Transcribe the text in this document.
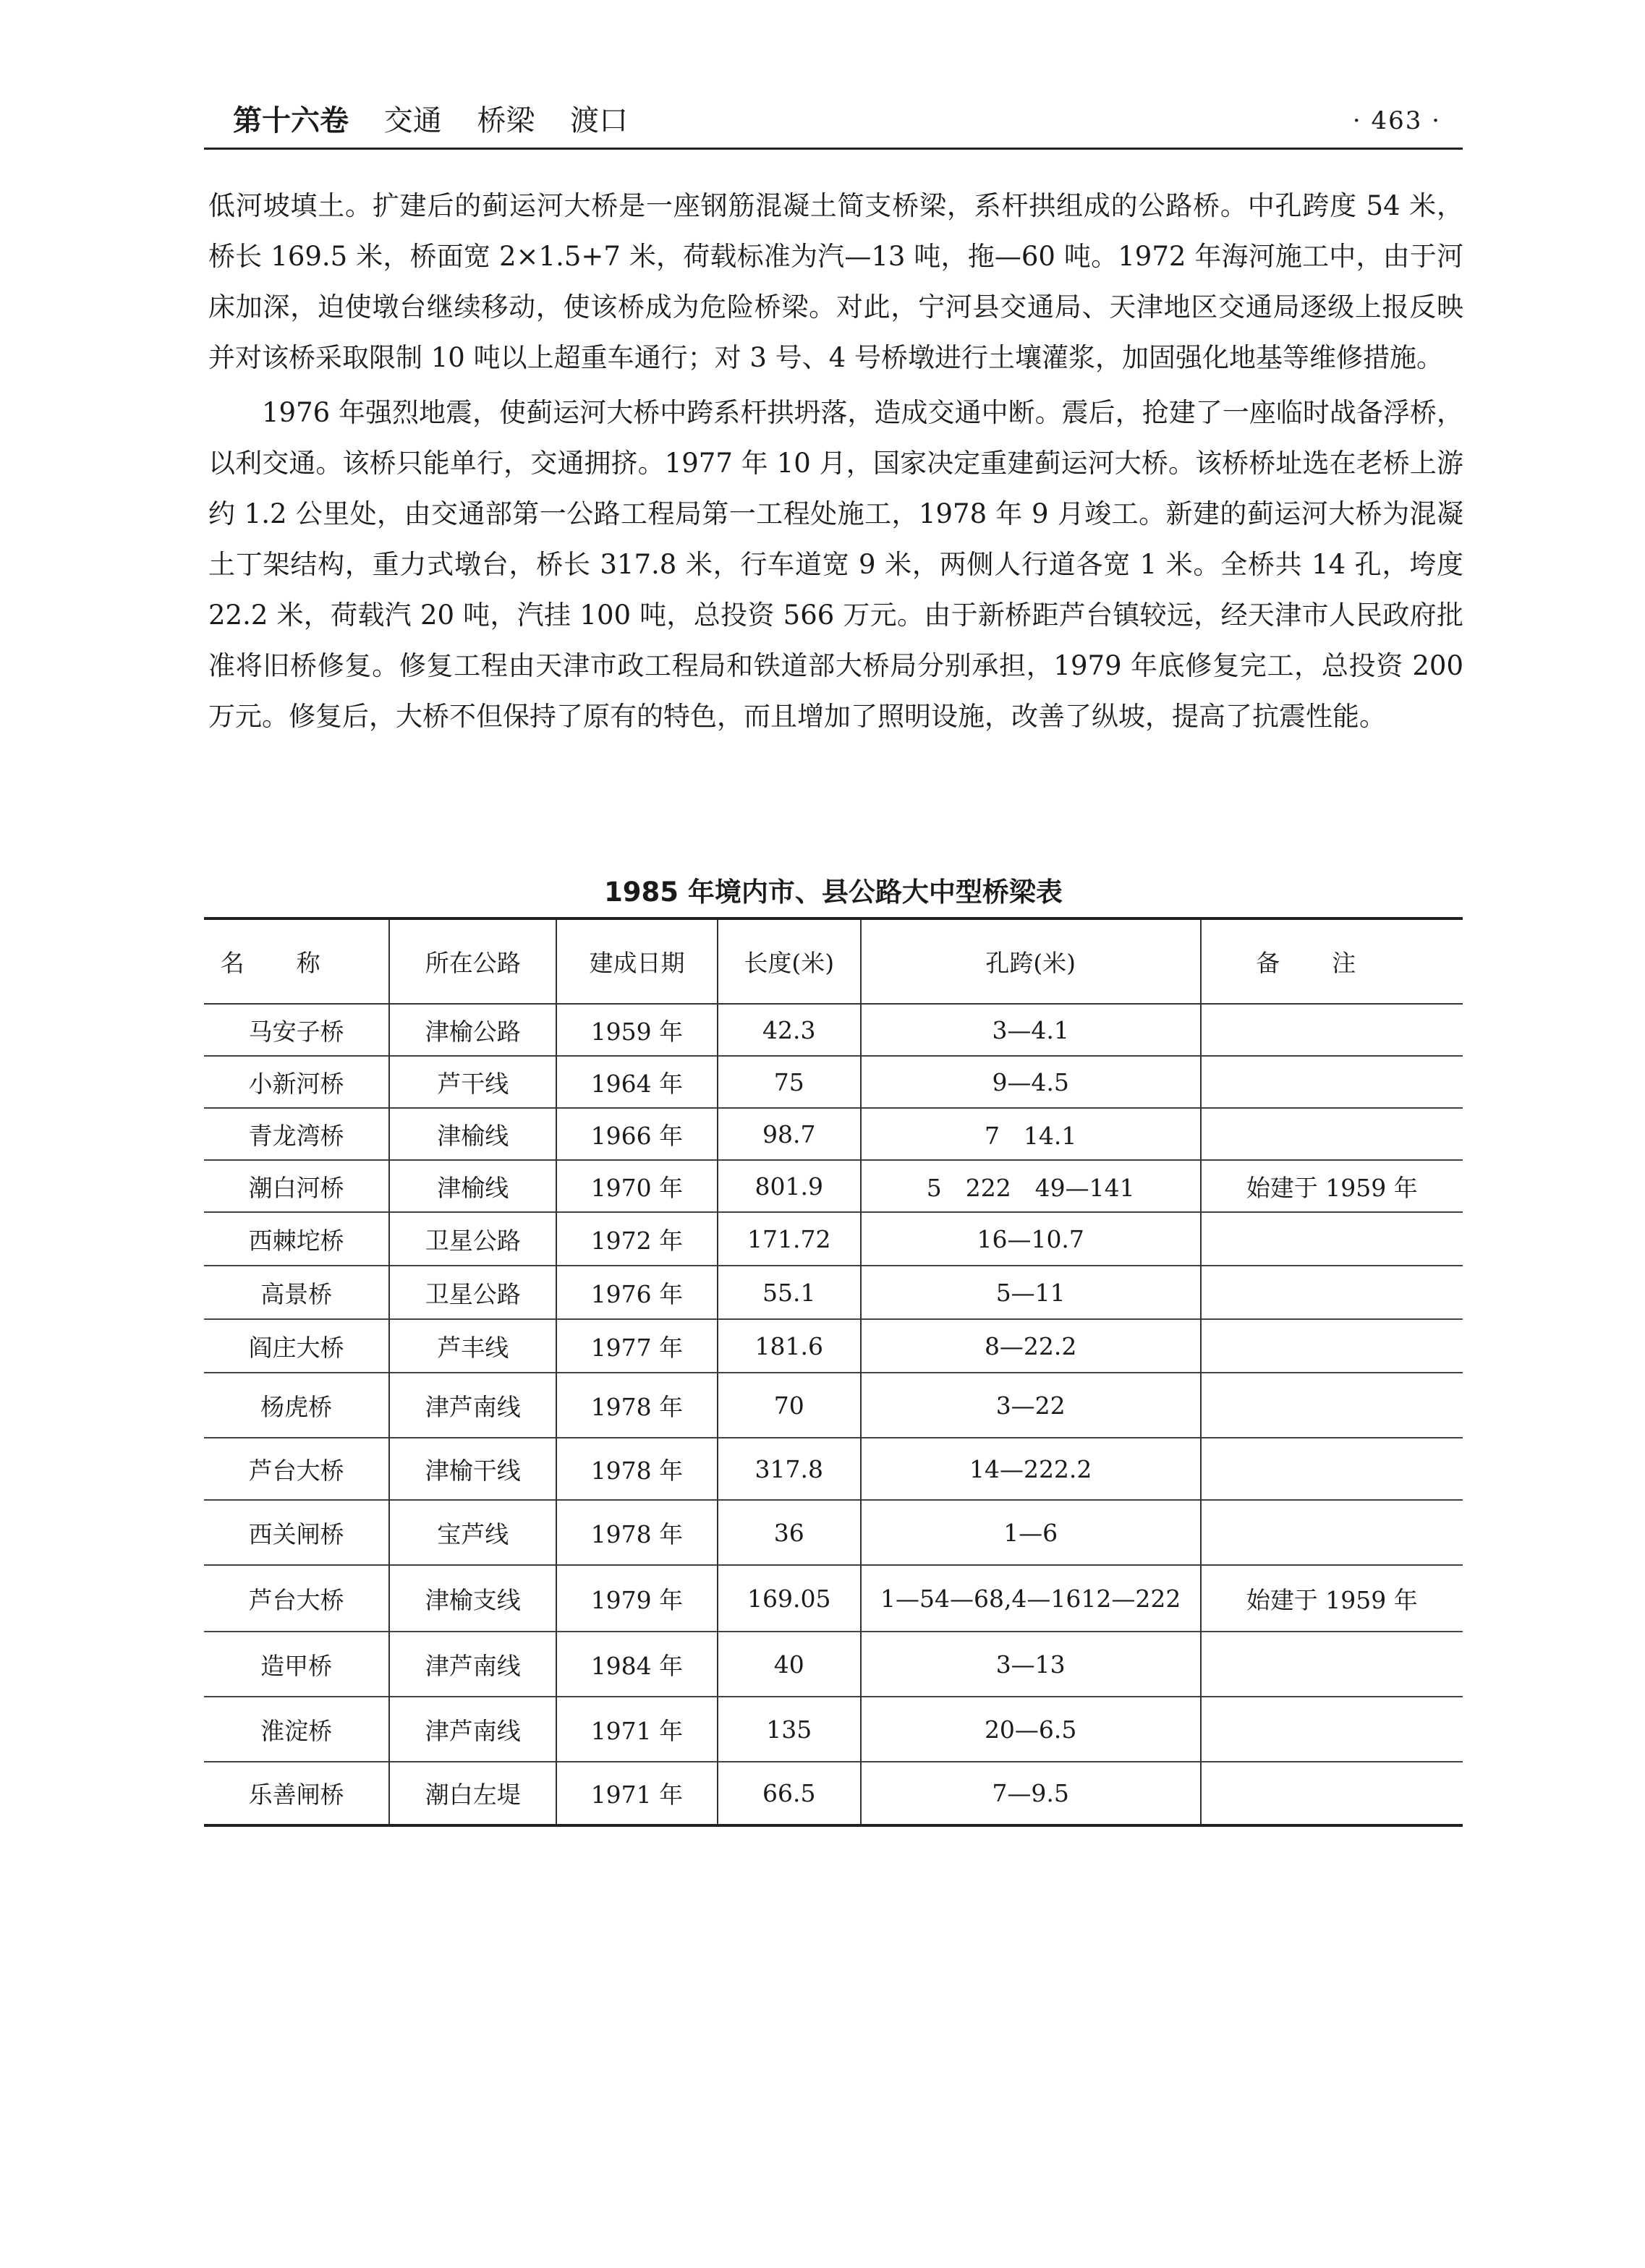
第十六卷 交通 桥梁 渡口	· 463 ·

低河坡填土。扩建后的蓟运河大桥是一座钢筋混凝土简支桥梁，系杆拱组成的公路桥。中孔跨度 54 米，桥长 169.5 米，桥面宽 2×1.5+7 米，荷载标准为汽—13 吨，拖—60 吨。1972 年海河施工中，由于河床加深，迫使墩台继续移动，使该桥成为危险桥梁。对此，宁河县交通局、天津地区交通局逐级上报反映并对该桥采取限制 10 吨以上超重车通行；对 3 号、4 号桥墩进行土壤灌浆，加固强化地基等维修措施。

1976 年强烈地震，使蓟运河大桥中跨系杆拱坍落，造成交通中断。震后，抢建了一座临时战备浮桥，以利交通。该桥只能单行，交通拥挤。1977 年 10 月，国家决定重建蓟运河大桥。该桥桥址选在老桥上游约 1.2 公里处，由交通部第一公路工程局第一工程处施工，1978 年 9 月竣工。新建的蓟运河大桥为混凝土丁架结构，重力式墩台，桥长 317.8 米，行车道宽 9 米，两侧人行道各宽 1 米。全桥共 14 孔，垮度 22.2 米，荷载汽 20 吨，汽挂 100 吨，总投资 566 万元。由于新桥距芦台镇较远，经天津市人民政府批准将旧桥修复。修复工程由天津市政工程局和铁道部大桥局分别承担，1979 年底修复完工，总投资 200 万元。修复后，大桥不但保持了原有的特色，而且增加了照明设施，改善了纵坡，提高了抗震性能。

1985 年境内市、县公路大中型桥梁表
名称	所在公路	建成日期	长度(米)	孔跨(米)	备注
马安子桥	津榆公路	1959 年	42.3	3—4.1	
小新河桥	芦干线	1964 年	75	9—4.5	
青龙湾桥	津榆线	1966 年	98.7	7　14.1	
潮白河桥	津榆线	1970 年	801.9	5　222　49—141	始建于 1959 年
西棘坨桥	卫星公路	1972 年	171.72	16—10.7	
高景桥	卫星公路	1976 年	55.1	5—11	
阎庄大桥	芦丰线	1977 年	181.6	8—22.2	
杨虎桥	津芦南线	1978 年	70	3—22	
芦台大桥	津榆干线	1978 年	317.8	14—222.2	
西关闸桥	宝芦线	1978 年	36	1—6	
芦台大桥	津榆支线	1979 年	169.05	1—54—68,4—1612—222	始建于 1959 年
造甲桥	津芦南线	1984 年	40	3—13	
淮淀桥	津芦南线	1971 年	135	20—6.5	
乐善闸桥	潮白左堤	1971 年	66.5	7—9.5	
